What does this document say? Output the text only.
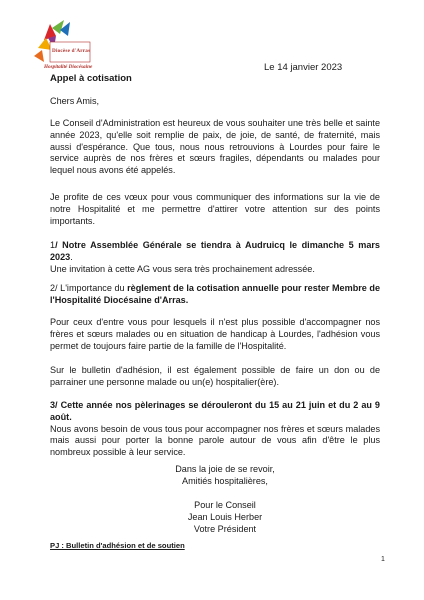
Diocèse d'Arras
Hospitalité Diocésaine	Le 14 janvier 2023
Appel à cotisation
Chers Amis,
Le Conseil d'Administration est heureux de vous souhaiter une très belle et sainte année 2023, qu'elle soit remplie de paix, de joie, de santé, de fraternité, mais aussi d'espérance. Que tous, nous nous retrouvions à Lourdes pour faire le service auprès de nos frères et sœurs fragiles, dépendants ou malades pour lequel nous avons été appelés.
Je profite de ces vœux pour vous communiquer des informations sur la vie de notre Hospitalité et me permettre d'attirer votre attention sur des points importants.
1/ Notre Assemblée Générale se tiendra à Audruicq le dimanche 5 mars 2023.
Une invitation à cette AG vous sera très prochainement adressée.
2/ L'importance du règlement de la cotisation annuelle pour rester Membre de l'Hospitalité Diocésaine d'Arras.
Pour ceux d'entre vous pour lesquels il n'est plus possible d'accompagner nos frères et sœurs malades ou en situation de handicap à Lourdes, l'adhésion vous permet de toujours faire partie de la famille de l'Hospitalité.
Sur le bulletin d'adhésion, il est également possible de faire un don ou de parrainer une personne malade ou un(e) hospitalier(ère).
3/ Cette année nos pèlerinages se dérouleront du 15 au 21 juin et du 2 au 9 août.
Nous avons besoin de vous tous pour accompagner nos frères et sœurs malades mais aussi pour porter la bonne parole autour de vous afin d'être le plus nombreux possible à leur service.
Dans la joie de se revoir,
Amitiés hospitalières,
Pour le Conseil
Jean Louis Herber
Votre Président
PJ : Bulletin d'adhésion et de soutien
1
